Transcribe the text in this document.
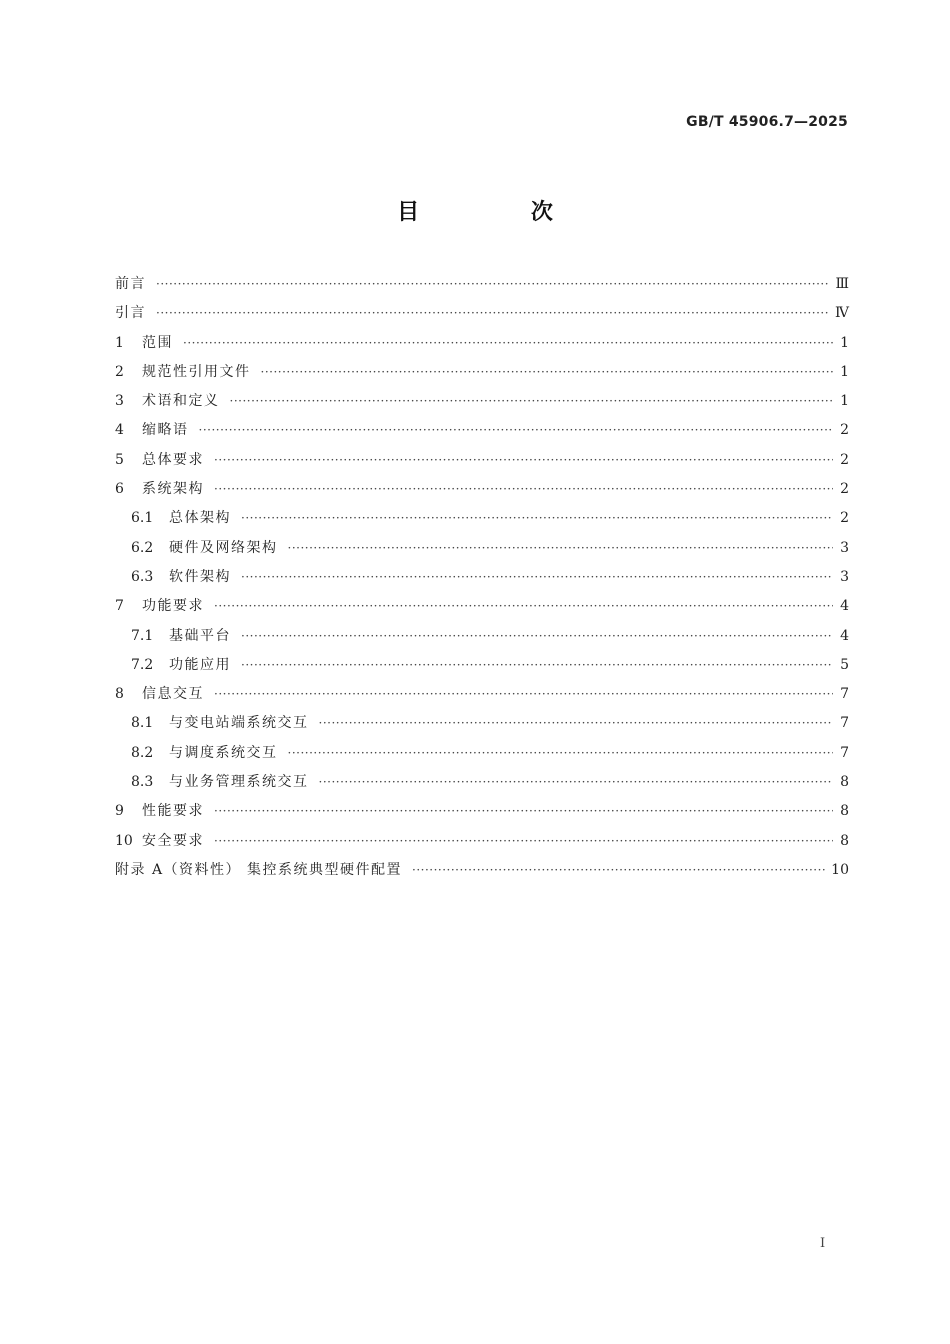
GB/T 45906.7—2025
目 次
前言 ·····	Ⅲ
引言 ·····	Ⅳ
1	范围 ·····	1
2	规范性引用文件 ·····	1
3	术语和定义 ·····	1
4	缩略语 ·····	2
5	总体要求 ·····	2
6	系统架构 ·····	2
6.1	总体架构 ·····	2
6.2	硬件及网络架构 ·····	3
6.3	软件架构 ·····	3
7	功能要求 ·····	4
7.1	基础平台 ·····	4
7.2	功能应用 ·····	5
8	信息交互 ·····	7
8.1	与变电站端系统交互 ·····	7
8.2	与调度系统交互 ·····	7
8.3	与业务管理系统交互 ·····	8
9	性能要求 ·····	8
10 安全要求 ·····	8
附录 A（资料性） 集控系统典型硬件配置 ·····	10
I
